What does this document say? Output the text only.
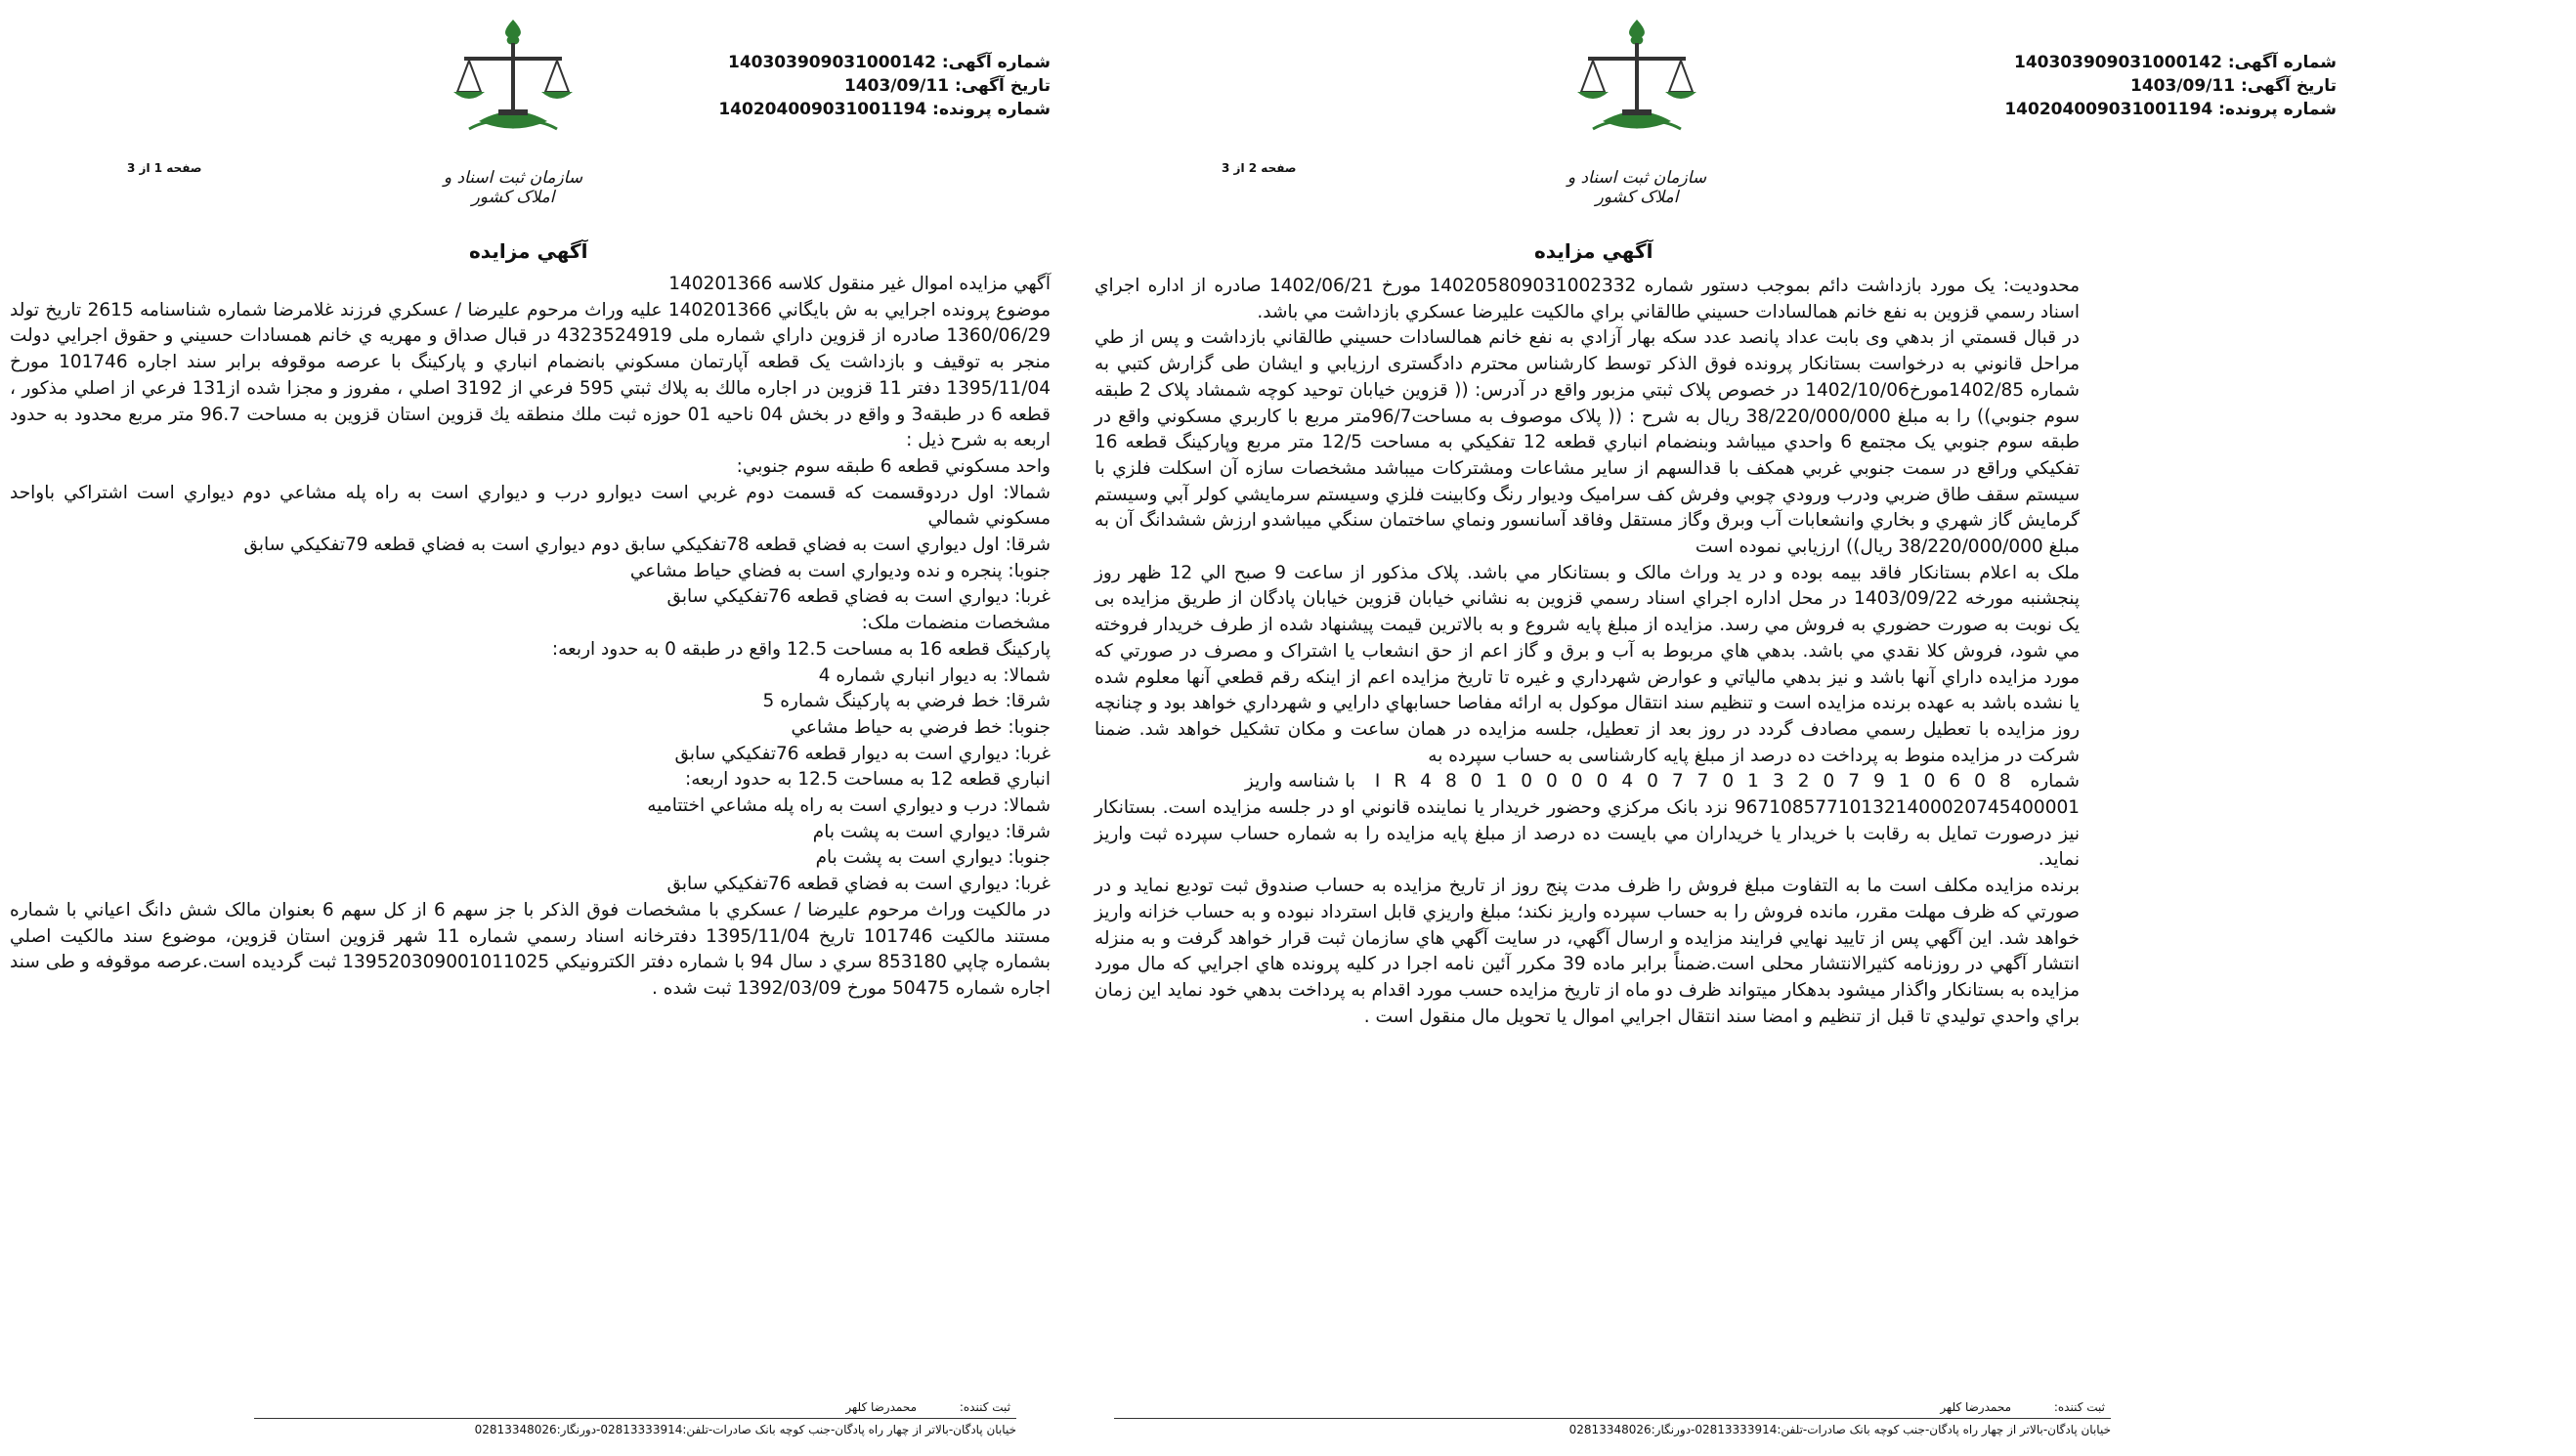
سازمان ثبت اسناد و املاک کشور
شماره آگهی: 140303909031000142
تاریخ آگهی: 1403/09/11
شماره پرونده: 140204009031001194
صفحه 1 از 3
آگهي مزايده

آگهي مزايده اموال غير منقول كلاسه 140201366

موضوع پرونده اجرايي به ش بايگاني 140201366 عليه وراث مرحوم عليرضا / عسكري فرزند غلامرضا شماره شناسنامه 2615 تاريخ تولد 1360/06/29 صادره از قزوين داراي شماره ملی 4323524919 در قبال صداق و مهريه ي خانم همسادات حسيني و حقوق اجرايي دولت منجر به توقيف و بازداشت يک قطعه آپارتمان مسكوني بانضمام انباري و پاركينگ با عرصه موقوفه برابر سند اجاره 101746 مورخ 1395/11/04 دفتر 11 قزوين در اجاره مالك به پلاك ثبتي 595 فرعي از 3192 اصلي ، مفروز و مجزا شده از131 فرعي از اصلي مذكور ، قطعه 6 در طبقه3 و واقع در بخش 04 ناحيه 01 حوزه ثبت ملك منطقه يك قزوين استان قزوين به مساحت 96.7 متر مربع محدود به حدود اربعه به شرح ذيل :

واحد مسكوني قطعه 6 طبقه سوم جنوبي:

شمالا: اول دردوقسمت كه قسمت دوم غربي است ديوارو درب و ديواري است به راه پله مشاعي دوم ديواري است اشتراكي باواحد مسكوني شمالي

شرقا: اول ديواري است به فضاي قطعه 78تفكيكي سابق دوم ديواري است به فضاي قطعه 79تفكيكي سابق

جنوبا: پنجره و نده وديواري است به فضاي حياط مشاعي

غربا: ديواري است به فضاي قطعه 76تفكيكي سابق

مشخصات منضمات ملک:

پاركينگ قطعه 16 به مساحت 12.5 واقع در طبقه 0 به حدود اربعه:

شمالا: به ديوار انباري شماره 4

شرقا: خط فرضي به پاركينگ شماره 5

جنوبا: خط فرضي به حياط مشاعي

غربا: ديواري است به ديوار قطعه 76تفكيكي سابق

انباري قطعه 12 به مساحت 12.5 به حدود اربعه:

شمالا: درب و ديواري است به راه پله مشاعي اختتاميه

شرقا: ديواري است به پشت بام

جنوبا: ديواري است به پشت بام

غربا: ديواري است به فضاي قطعه 76تفكيكي سابق

در مالكيت وراث مرحوم عليرضا / عسكري با مشخصات فوق الذكر با جز سهم 6 از كل سهم 6 بعنوان مالک شش دانگ اعياني با شماره مستند مالكيت 101746 تاريخ 1395/11/04 دفترخانه اسناد رسمي شماره 11 شهر قزوين استان قزوين، موضوع سند مالكيت اصلي بشماره چاپي 853180 سري د سال 94 با شماره دفتر الكترونيكي 139520309001011025 ثبت گرديده است.عرصه موقوفه و طی سند اجاره شماره 50475 مورخ 1392/03/09 ثبت شده .

ثبت کننده: محمدرضا کلهر
خیابان پادگان-بالاتر از چهار راه پادگان-جنب کوچه بانک صادرات-تلفن:02813333914-دورنگار:02813348026
سازمان ثبت اسناد و املاک کشور
شماره آگهی: 140303909031000142
تاریخ آگهی: 1403/09/11
شماره پرونده: 140204009031001194
صفحه 2 از 3
آگهي مزايده

محدوديت: يک مورد بازداشت دائم بموجب دستور شماره 140205809031002332 مورخ 1402/06/21 صادره از اداره اجراي اسناد رسمي قزوين به نفع خانم همالسادات حسيني طالقاني براي مالكيت عليرضا عسكري بازداشت مي باشد.

در قبال قسمتي از بدهي وی بابت عداد پانصد عدد سكه بهار آزادي به نفع خانم همالسادات حسيني طالقاني بازداشت و پس از طي مراحل قانوني به درخواست بستانكار پرونده فوق الذكر توسط كارشناس محترم دادگستری ارزيابي و ايشان طی گزارش كتبي به شماره 1402/85مورخ1402/10/06 در خصوص پلاک ثبتي مزبور واقع در آدرس: (( قزوين خيابان توحيد كوچه شمشاد پلاک 2 طبقه سوم جنوبي)) را به مبلغ 38/220/000/000 ريال به شرح : (( پلاک موصوف به مساحت96/7متر مربع با كاربري مسكوني واقع در طبقه سوم جنوبي يک مجتمع 6 واحدي ميباشد وبنضمام انباري قطعه 12 تفكيكي به مساحت 12/5 متر مربع وپاركينگ قطعه 16 تفكيكي وراقع در سمت جنوبي غربي همكف با قدالسهم از ساير مشاعات ومشتركات ميباشد مشخصات سازه آن اسكلت فلزي با سيستم سقف طاق ضربي ودرب ورودي چوبي وفرش كف سراميک وديوار رنگ وكابينت فلزي وسيستم سرمايشي كولر آبي وسيستم گرمايش گاز شهري و بخاري وانشعابات آب وبرق وگاز مستقل وفاقد آسانسور ونماي ساختمان سنگي ميباشدو ارزش ششدانگ آن به مبلغ 38/220/000/000 ريال)) ارزيابي نموده است

ملک به اعلام بستانكار فاقد بيمه بوده و در يد وراث مالک و بستانكار مي باشد. پلاک مذكور از ساعت 9 صبح الي 12 ظهر روز پنجشنبه مورخه 1403/09/22 در محل اداره اجراي اسناد رسمي قزوين به نشاني خيابان قزوين خيابان پادگان از طريق مزايده بی يک نوبت به صورت حضوري به فروش مي رسد. مزايده از مبلغ پايه شروع و به بالاترين قيمت پيشنهاد شده از طرف خريدار فروخته مي شود، فروش كلا نقدي مي باشد. بدهي هاي مربوط به آب و برق و گاز اعم از حق انشعاب يا اشتراک و مصرف در صورتي كه مورد مزايده داراي آنها باشد و نيز بدهي مالياتي و عوارض شهرداري و غيره تا تاريخ مزايده اعم از اينكه رقم قطعي آنها معلوم شده يا نشده باشد به عهده برنده مزايده است و تنظيم سند انتقال موكول به ارائه مفاصا حسابهاي دارايي و شهرداري خواهد بود و چنانچه روز مزايده با تعطيل رسمي مصادف گردد در روز بعد از تعطيل، جلسه مزايده در همان ساعت و مكان تشكيل خواهد شد. ضمنا شركت در مزايده منوط به پرداخت ده درصد از مبلغ پايه كارشناسی به حساب سپرده به

شماره IR480100004077013207910608 با شناسه واريز

967108577101321400020745400001 نزد بانک مركزي وحضور خريدار يا نماينده قانوني او در جلسه مزايده است. بستانكار نيز درصورت تمايل به رقابت با خريدار يا خريداران مي بايست ده درصد از مبلغ پايه مزايده را به شماره حساب سپرده ثبت واريز نمايد.

برنده مزايده مكلف است ما به التفاوت مبلغ فروش را ظرف مدت پنج روز از تاريخ مزايده به حساب صندوق ثبت توديع نمايد و در صورتي كه ظرف مهلت مقرر، مانده فروش را به حساب سپرده واريز نكند؛ مبلغ واريزي قابل استرداد نبوده و به حساب خزانه واريز خواهد شد. اين آگهي پس از تاييد نهايي فرايند مزايده و ارسال آگهي، در سايت آگهي هاي سازمان ثبت قرار خواهد گرفت و به منزله انتشار آگهي در روزنامه كثيرالانتشار محلی است.ضمناً برابر ماده 39 مكرر آئين نامه اجرا در كليه پرونده هاي اجرايي كه مال مورد مزايده به بستانكار واگذار ميشود بدهكار ميتواند ظرف دو ماه از تاريخ مزايده حسب مورد اقدام به پرداخت بدهي خود نمايد اين زمان براي واحدي توليدي تا قبل از تنظيم و امضا سند انتقال اجرايي اموال يا تحويل مال منقول است .

ثبت کننده: محمدرضا کلهر
خیابان پادگان-بالاتر از چهار راه پادگان-جنب کوچه بانک صادرات-تلفن:02813333914-دورنگار:02813348026
